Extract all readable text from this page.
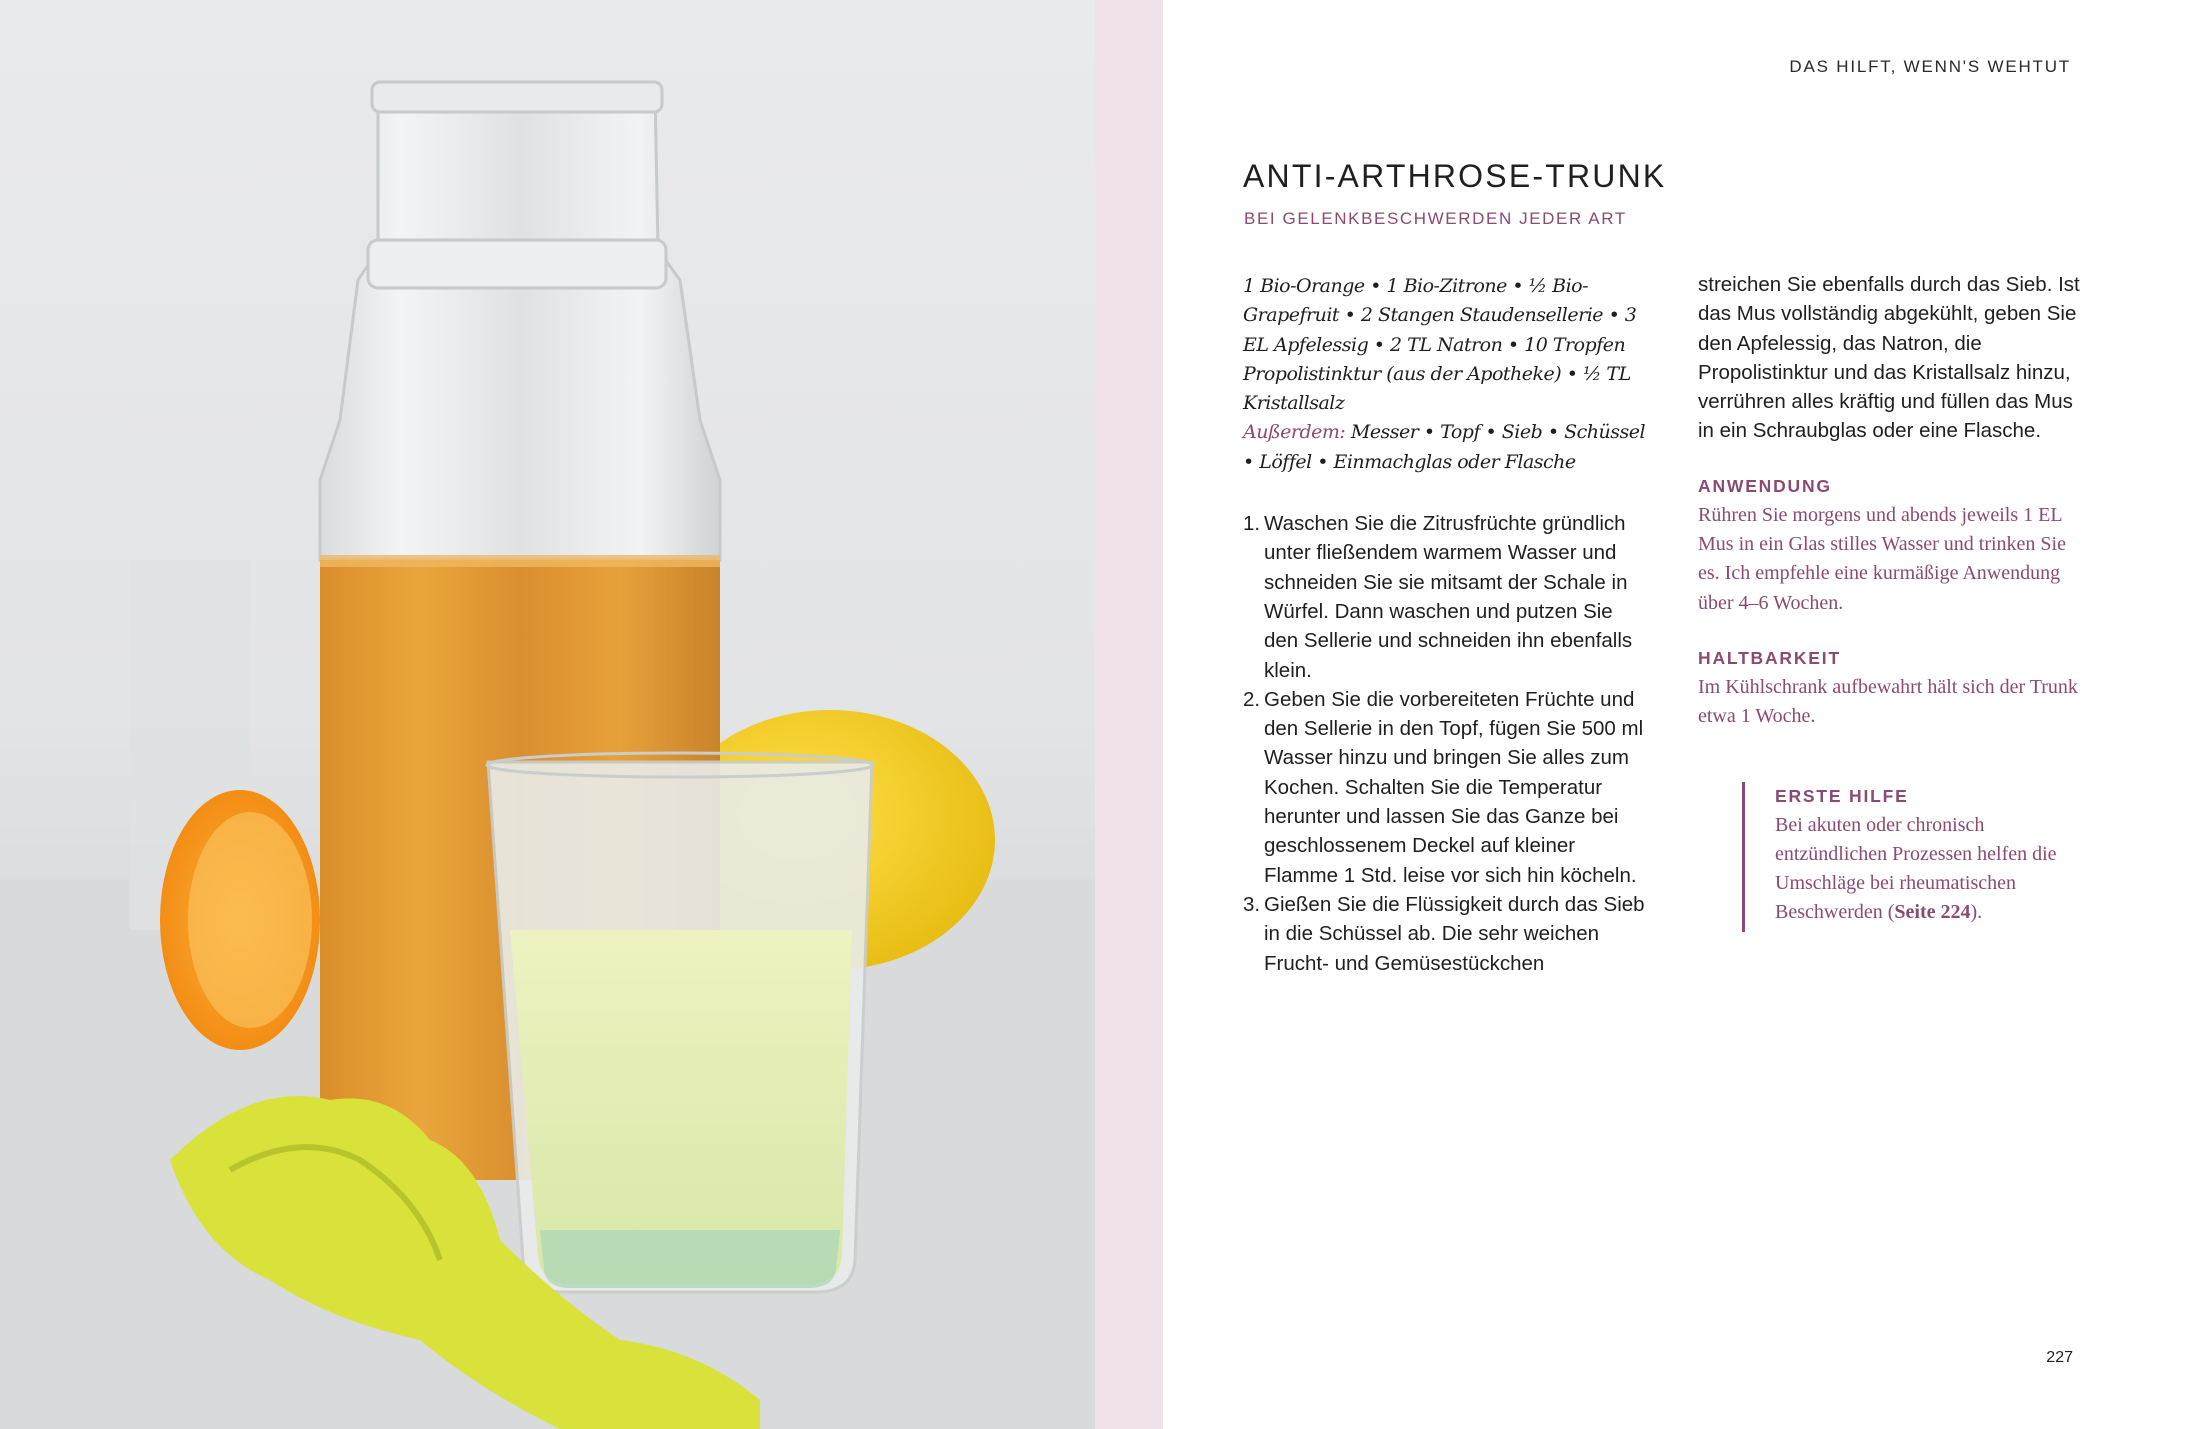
DAS HILFT, WENN'S WEHTUT
ANTI-ARTHROSE-TRUNK
BEI GELENKBESCHWERDEN JEDER ART

1 Bio-Orange • 1 Bio-Zitrone • ½ Bio-Grapefruit • 2 Stangen Staudensellerie • 3 EL Apfelessig • 2 TL Natron • 10 Tropfen Propolistinktur (aus der Apotheke) • ½ TL Kristallsalz

Außerdem: Messer • Topf • Sieb • Schüssel • Löffel • Einmachglas oder Flasche

1. Waschen Sie die Zitrusfrüchte gründlich unter fließendem warmem Wasser und schneiden Sie sie mitsamt der Schale in Würfel. Dann waschen und putzen Sie den Sellerie und schneiden ihn ebenfalls klein.
2. Geben Sie die vorbereiteten Früchte und den Sellerie in den Topf, fügen Sie 500 ml Wasser hinzu und bringen Sie alles zum Kochen. Schalten Sie die Temperatur herunter und lassen Sie das Ganze bei geschlossenem Deckel auf kleiner Flamme 1 Std. leise vor sich hin köcheln.
3. Gießen Sie die Flüssigkeit durch das Sieb in die Schüssel ab. Die sehr weichen Frucht- und Gemüsestückchen

streichen Sie ebenfalls durch das Sieb. Ist das Mus vollständig abgekühlt, geben Sie den Apfelessig, das Natron, die Propolistinktur und das Kristallsalz hinzu, verrühren alles kräftig und füllen das Mus in ein Schraubglas oder eine Flasche.

ANWENDUNG

Rühren Sie morgens und abends jeweils 1 EL Mus in ein Glas stilles Wasser und trinken Sie es. Ich empfehle eine kurmäßige Anwendung über 4–6 Wochen.

HALTBARKEIT

Im Kühlschrank aufbewahrt hält sich der Trunk etwa 1 Woche.

ERSTE HILFE

Bei akuten oder chronisch entzündlichen Prozessen helfen die Umschläge bei rheumatischen Beschwerden (Seite 224).

227
